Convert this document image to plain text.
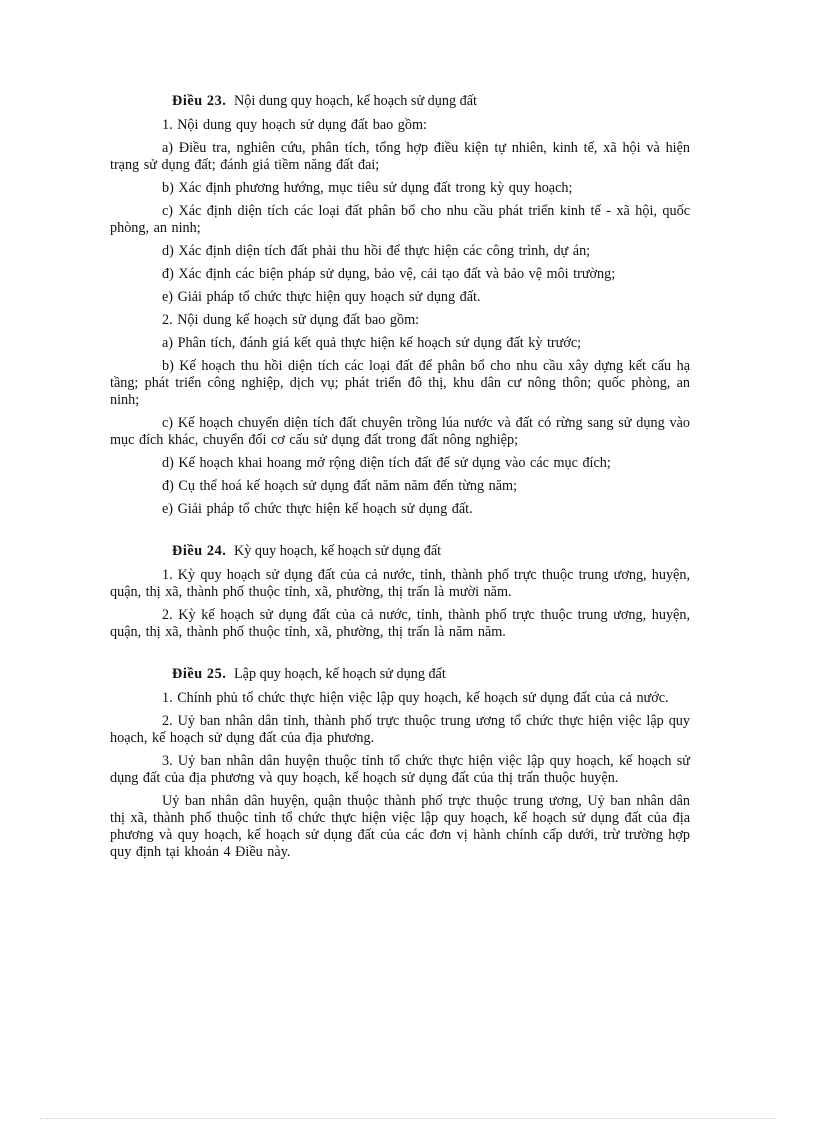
Điều 23. Nội dung quy hoạch, kế hoạch sử dụng đất

1. Nội dung quy hoạch sử dụng đất bao gồm:

a) Điều tra, nghiên cứu, phân tích, tổng hợp điều kiện tự nhiên, kinh tế, xã hội và hiện trạng sử dụng đất; đánh giá tiềm năng đất đai;

b) Xác định phương hướng, mục tiêu sử dụng đất trong kỳ quy hoạch;

c) Xác định diện tích các loại đất phân bổ cho nhu cầu phát triển kinh tế - xã hội, quốc phòng, an ninh;

d) Xác định diện tích đất phải thu hồi để thực hiện các công trình, dự án;

đ) Xác định các biện pháp sử dụng, bảo vệ, cải tạo đất và bảo vệ môi trường;

e) Giải pháp tổ chức thực hiện quy hoạch sử dụng đất.

2. Nội dung kế hoạch sử dụng đất bao gồm:

a) Phân tích, đánh giá kết quả thực hiện kế hoạch sử dụng đất kỳ trước;

b) Kế hoạch thu hồi diện tích các loại đất để phân bổ cho nhu cầu xây dựng kết cấu hạ tầng; phát triển công nghiệp, dịch vụ; phát triển đô thị, khu dân cư nông thôn; quốc phòng, an ninh;

c) Kế hoạch chuyển diện tích đất chuyên trồng lúa nước và đất có rừng sang sử dụng vào mục đích khác, chuyển đổi cơ cấu sử dụng đất trong đất nông nghiệp;

d) Kế hoạch khai hoang mở rộng diện tích đất để sử dụng vào các mục đích;

đ) Cụ thể hoá kế hoạch sử dụng đất năm năm đến từng năm;

e) Giải pháp tổ chức thực hiện kế hoạch sử dụng đất.

Điều 24. Kỳ quy hoạch, kế hoạch sử dụng đất

1. Kỳ quy hoạch sử dụng đất của cả nước, tỉnh, thành phố trực thuộc trung ương, huyện, quận, thị xã, thành phố thuộc tỉnh, xã, phường, thị trấn là mười năm.

2. Kỳ kế hoạch sử dụng đất của cả nước, tỉnh, thành phố trực thuộc trung ương, huyện, quận, thị xã, thành phố thuộc tỉnh, xã, phường, thị trấn là năm năm.

Điều 25. Lập quy hoạch, kế hoạch sử dụng đất

1. Chính phủ tổ chức thực hiện việc lập quy hoạch, kế hoạch sử dụng đất của cả nước.

2. Uỷ ban nhân dân tỉnh, thành phố trực thuộc trung ương tổ chức thực hiện việc lập quy hoạch, kế hoạch sử dụng đất của địa phương.

3. Uỷ ban nhân dân huyện thuộc tỉnh tổ chức thực hiện việc lập quy hoạch, kế hoạch sử dụng đất của địa phương và quy hoạch, kế hoạch sử dụng đất của thị trấn thuộc huyện.

Uỷ ban nhân dân huyện, quận thuộc thành phố trực thuộc trung ương, Uỷ ban nhân dân thị xã, thành phố thuộc tỉnh tổ chức thực hiện việc lập quy hoạch, kế hoạch sử dụng đất của địa phương và quy hoạch, kế hoạch sử dụng đất của các đơn vị hành chính cấp dưới, trừ trường hợp quy định tại khoản 4 Điều này.
